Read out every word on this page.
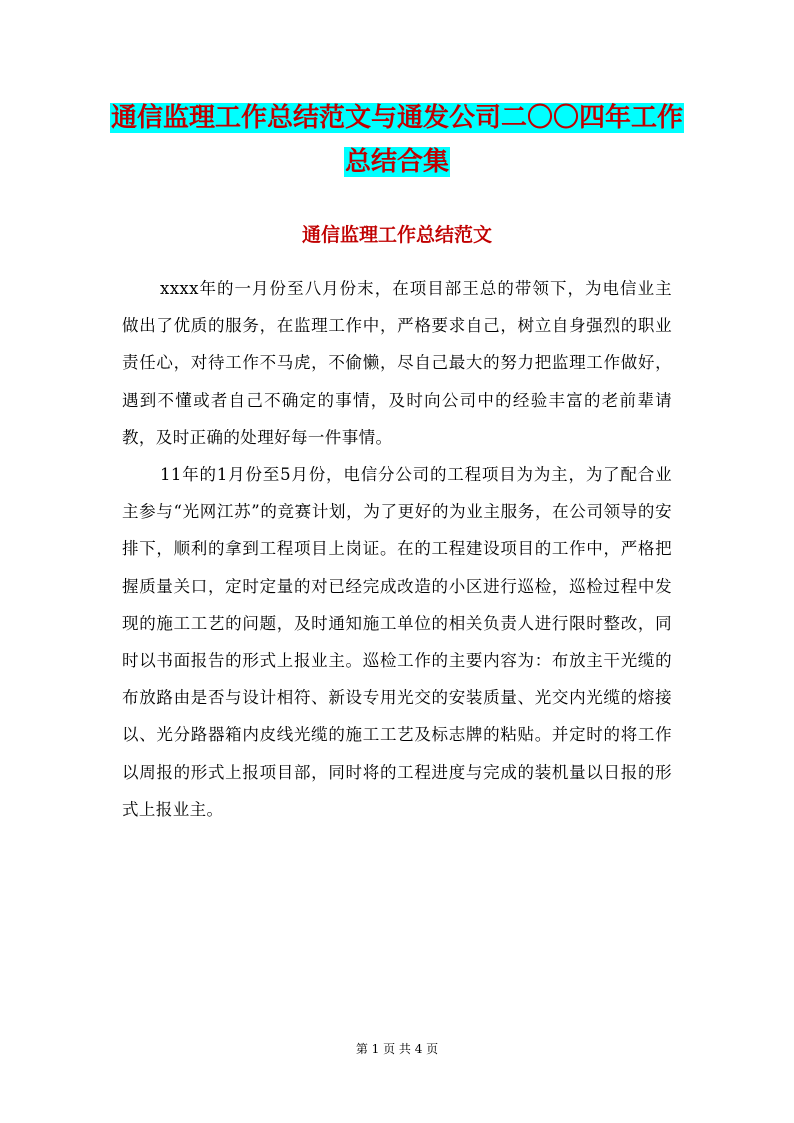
通信监理工作总结范文与通发公司二〇〇四年工作总结合集
通信监理工作总结范文

xxxx年的一月份至八月份末，在项目部王总的带领下，为电信业主做出了优质的服务，在监理工作中，严格要求自己，树立自身强烈的职业责任心，对待工作不马虎，不偷懒，尽自己最大的努力把监理工作做好，遇到不懂或者自己不确定的事情，及时向公司中的经验丰富的老前辈请教，及时正确的处理好每一件事情。

11年的1月份至5月份，电信分公司的工程项目为为主，为了配合业主参与“光网江苏”的竞赛计划，为了更好的为业主服务，在公司领导的安排下，顺利的拿到工程项目上岗证。在的工程建设项目的工作中，严格把握质量关口，定时定量的对已经完成改造的小区进行巡检，巡检过程中发现的施工工艺的问题，及时通知施工单位的相关负责人进行限时整改，同时以书面报告的形式上报业主。巡检工作的主要内容为：布放主干光缆的布放路由是否与设计相符、新设专用光交的安装质量、光交内光缆的熔接以、光分路器箱内皮线光缆的施工工艺及标志牌的粘贴。并定时的将工作以周报的形式上报项目部，同时将的工程进度与完成的装机量以日报的形式上报业主。

第 1 页 共 4 页
